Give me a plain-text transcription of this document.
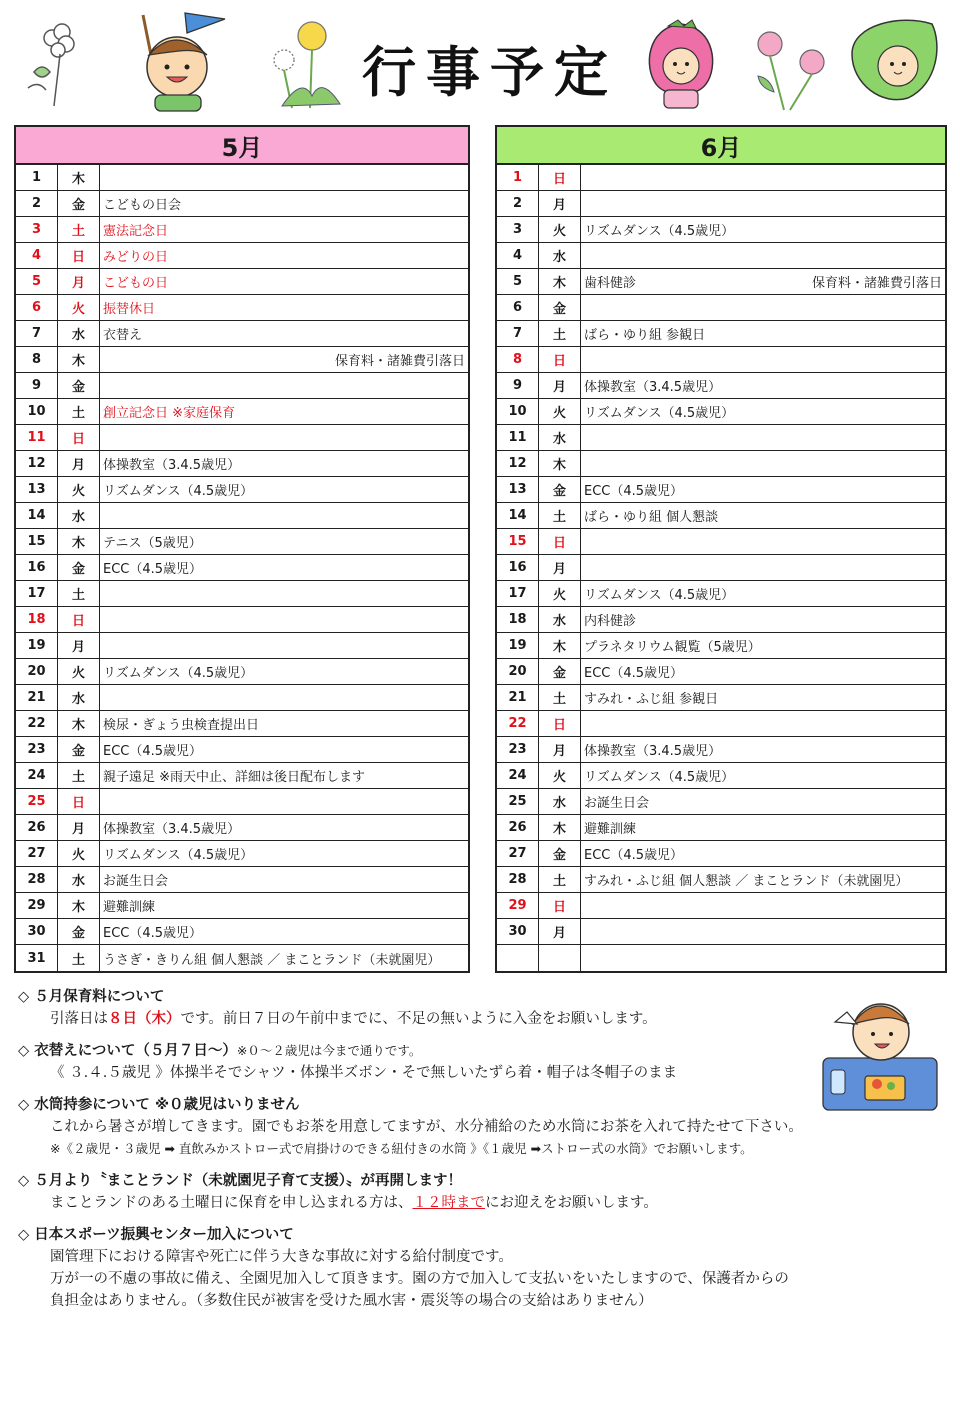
行事予定
5月
1	木
2	金	こどもの日会
3	土	憲法記念日
4	日	みどりの日
5	月	こどもの日
6	火	振替休日
7	水	衣替え
8	木	保育料・諸雑費引落日
9	金
10	土	創立記念日 ※家庭保育
11	日
12	月	体操教室（3.4.5歳児）
13	火	リズムダンス（4.5歳児）
14	水
15	木	テニス（5歳児）
16	金	ECC（4.5歳児）
17	土
18	日
19	月
20	火	リズムダンス（4.5歳児）
21	水
22	木	検尿・ぎょう虫検査提出日
23	金	ECC（4.5歳児）
24	土	親子遠足 ※雨天中止、詳細は後日配布します
25	日
26	月	体操教室（3.4.5歳児）
27	火	リズムダンス（4.5歳児）
28	水	お誕生日会
29	木	避難訓練
30	金	ECC（4.5歳児）
31	土	うさぎ・きりん組 個人懇談 ／ まことランド（未就園児）
6月
1	日
2	月
3	火	リズムダンス（4.5歳児）
4	水
5	木	歯科健診	保育料・諸雑費引落日
6	金
7	土	ばら・ゆり組 参観日
8	日
9	月	体操教室（3.4.5歳児）
10	火	リズムダンス（4.5歳児）
11	水
12	木
13	金	ECC（4.5歳児）
14	土	ばら・ゆり組 個人懇談
15	日
16	月
17	火	リズムダンス（4.5歳児）
18	水	内科健診
19	木	プラネタリウム観覧（5歳児）
20	金	ECC（4.5歳児）
21	土	すみれ・ふじ組 参観日
22	日
23	月	体操教室（3.4.5歳児）
24	火	リズムダンス（4.5歳児）
25	水	お誕生日会
26	木	避難訓練
27	金	ECC（4.5歳児）
28	土	すみれ・ふじ組 個人懇談 ／ まことランド（未就園児）
29	日
30	月
◇ ５月保育料について
引落日は８日（木）です。前日７日の午前中までに、不足の無いように入金をお願いします。
◇ 衣替えについて（５月７日〜）※０〜２歳児は今まで通りです。
《 ３.４.５歳児 》体操半そでシャツ・体操半ズボン・そで無しいたずら着・帽子は冬帽子のまま
◇ 水筒持参について ※０歳児はいりません
これから暑さが増してきます。園でもお茶を用意してますが、水分補給のため水筒にお茶を入れて持たせて下さい。
※《２歳児・３歳児 ➡ 直飲みかストロー式で肩掛けのできる紐付きの水筒 》《１歳児 ➡ストロー式の水筒》でお願いします。
◇ ５月より〝まことランド（未就園児子育て支援）〟が再開します！
まことランドのある土曜日に保育を申し込まれる方は、１２時までにお迎えをお願いします。
◇ 日本スポーツ振興センター加入について
園管理下における障害や死亡に伴う大きな事故に対する給付制度です。
万が一の不慮の事故に備え、全園児加入して頂きます。園の方で加入して支払いをいたしますので、保護者からの
負担金はありません。（多数住民が被害を受けた風水害・震災等の場合の支給はありません）
